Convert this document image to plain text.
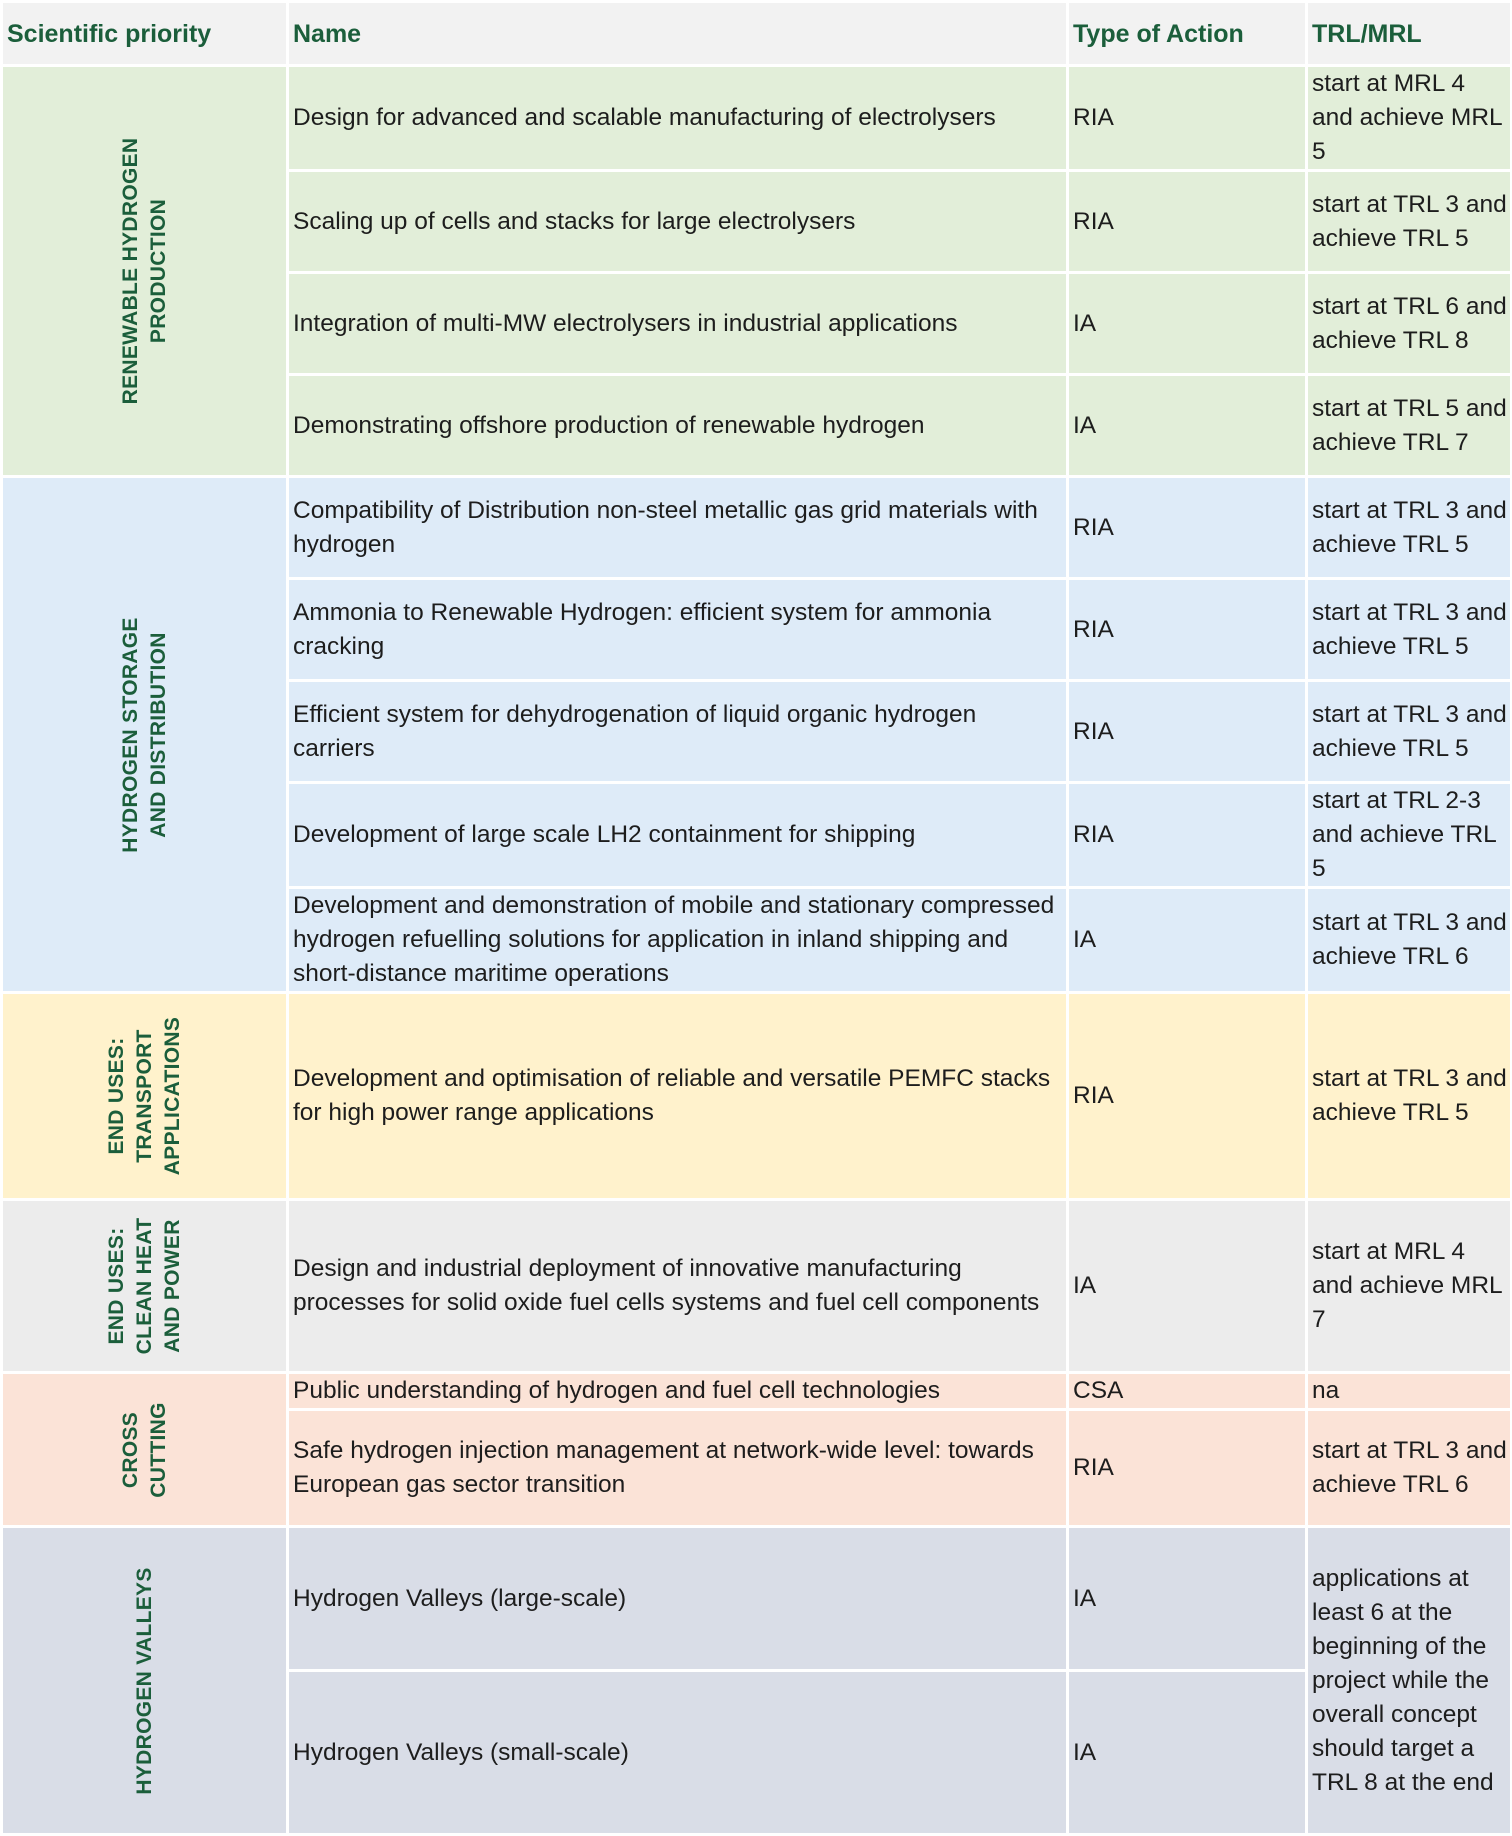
Scientific priority	Name	Type of Action	TRL/MRL

RENEWABLE HYDROGEN PRODUCTION	Design for advanced and scalable manufacturing of electrolysers	RIA	start at MRL 4 and achieve MRL 5
	Scaling up of cells and stacks for large electrolysers	RIA	start at TRL 3 and achieve TRL 5
	Integration of multi-MW electrolysers in industrial applications	IA	start at TRL 6 and achieve TRL 8
	Demonstrating offshore production of renewable hydrogen	IA	start at TRL 5 and achieve TRL 7

HYDROGEN STORAGE AND DISTRIBUTION	Compatibility of Distribution non-steel metallic gas grid materials with hydrogen	RIA	start at TRL 3 and achieve TRL 5
	Ammonia to Renewable Hydrogen: efficient system for ammonia cracking	RIA	start at TRL 3 and achieve TRL 5
	Efficient system for dehydrogenation of liquid organic hydrogen carriers	RIA	start at TRL 3 and achieve TRL 5
	Development of large scale LH2 containment for shipping	RIA	start at TRL 2-3 and achieve TRL 5
	Development and demonstration of mobile and stationary compressed hydrogen refuelling solutions for application in inland shipping and short-distance maritime operations	IA	start at TRL 3 and achieve TRL 6

END USES: TRANSPORT APPLICATIONS	Development and optimisation of reliable and versatile PEMFC stacks for high power range applications	RIA	start at TRL 3 and achieve TRL 5

END USES: CLEAN HEAT AND POWER	Design and industrial deployment of innovative manufacturing processes for solid oxide fuel cells systems and fuel cell components	IA	start at MRL 4 and achieve MRL 7

CROSS CUTTING	Public understanding of hydrogen and fuel cell technologies	CSA	na
	Safe hydrogen injection management at network-wide level: towards European gas sector transition	RIA	start at TRL 3 and achieve TRL 6

HYDROGEN VALLEYS	Hydrogen Valleys (large-scale)	IA	applications at least 6 at the beginning of the project while the overall concept should target a TRL 8 at the end
	Hydrogen Valleys (small-scale)	IA	
